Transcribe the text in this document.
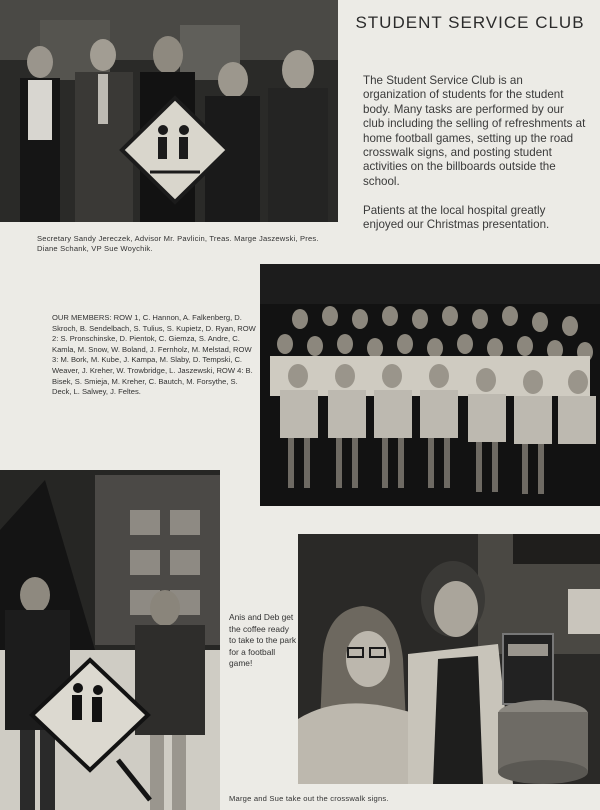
STUDENT SERVICE CLUB

The Student Service Club is an organization of students for the student body. Many tasks are performed by our club including the selling of refreshments at home football games, setting up the road crosswalk signs, and posting student activities on the billboards outside the school.

Patients at the local hospital greatly enjoyed our Christmas presentation.

Secretary Sandy Jereczek, Advisor Mr. Pavlicin, Treas. Marge Jaszewski, Pres. Diane Schank, VP Sue Woychik.

OUR MEMBERS: ROW 1, C. Hannon, A. Falkenberg, D. Skroch, B. Sendelbach, S. Tulius, S. Kupietz, D. Ryan, ROW 2: S. Pronschinske, D. Pientok, C. Giemza, S. Andre, C. Kamla, M. Snow, W. Boland, J. Fernholz, M. Melstad, ROW 3: M. Bork, M. Kube, J. Kampa, M. Slaby, D. Tempski, C. Weaver, J. Kreher, W. Trowbridge, L. Jaszewski, ROW 4: B. Bisek, S. Smieja, M. Kreher, C. Bautch, M. Forsythe, S. Deck, L. Salwey, J. Feltes.

Anis and Deb get the coffee ready to take to the park for a football game!

Marge and Sue take out the crosswalk signs.
